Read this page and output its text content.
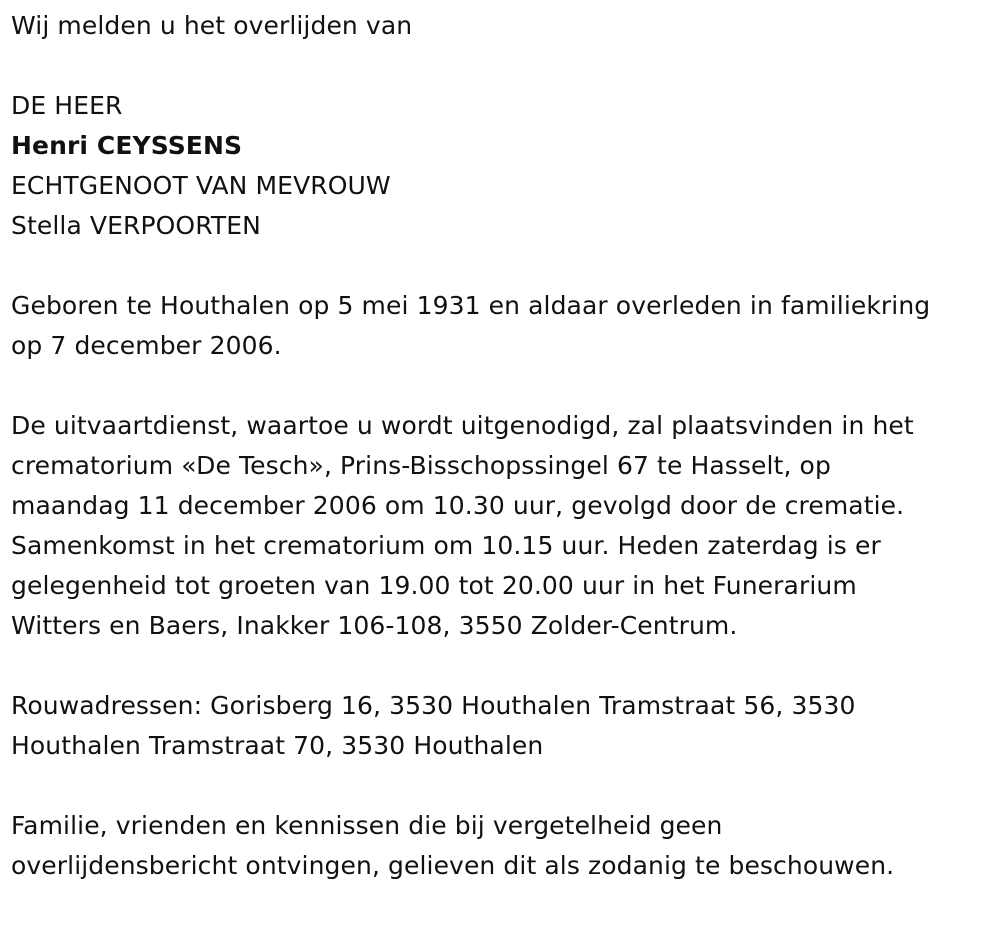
Wij melden u het overlijden van
DE HEER
Henri CEYSSENS
ECHTGENOOT VAN MEVROUW
Stella VERPOORTEN
Geboren te Houthalen op 5 mei 1931 en aldaar overleden in familiekring
op 7 december 2006.
De uitvaartdienst, waartoe u wordt uitgenodigd, zal plaatsvinden in het
crematorium «De Tesch», Prins-Bisschopssingel 67 te Hasselt, op
maandag 11 december 2006 om 10.30 uur, gevolgd door de crematie.
Samenkomst in het crematorium om 10.15 uur. Heden zaterdag is er
gelegenheid tot groeten van 19.00 tot 20.00 uur in het Funerarium
Witters en Baers, Inakker 106-108, 3550 Zolder-Centrum.
Rouwadressen: Gorisberg 16, 3530 Houthalen Tramstraat 56, 3530
Houthalen Tramstraat 70, 3530 Houthalen
Familie, vrienden en kennissen die bij vergetelheid geen
overlijdensbericht ontvingen, gelieven dit als zodanig te beschouwen.
